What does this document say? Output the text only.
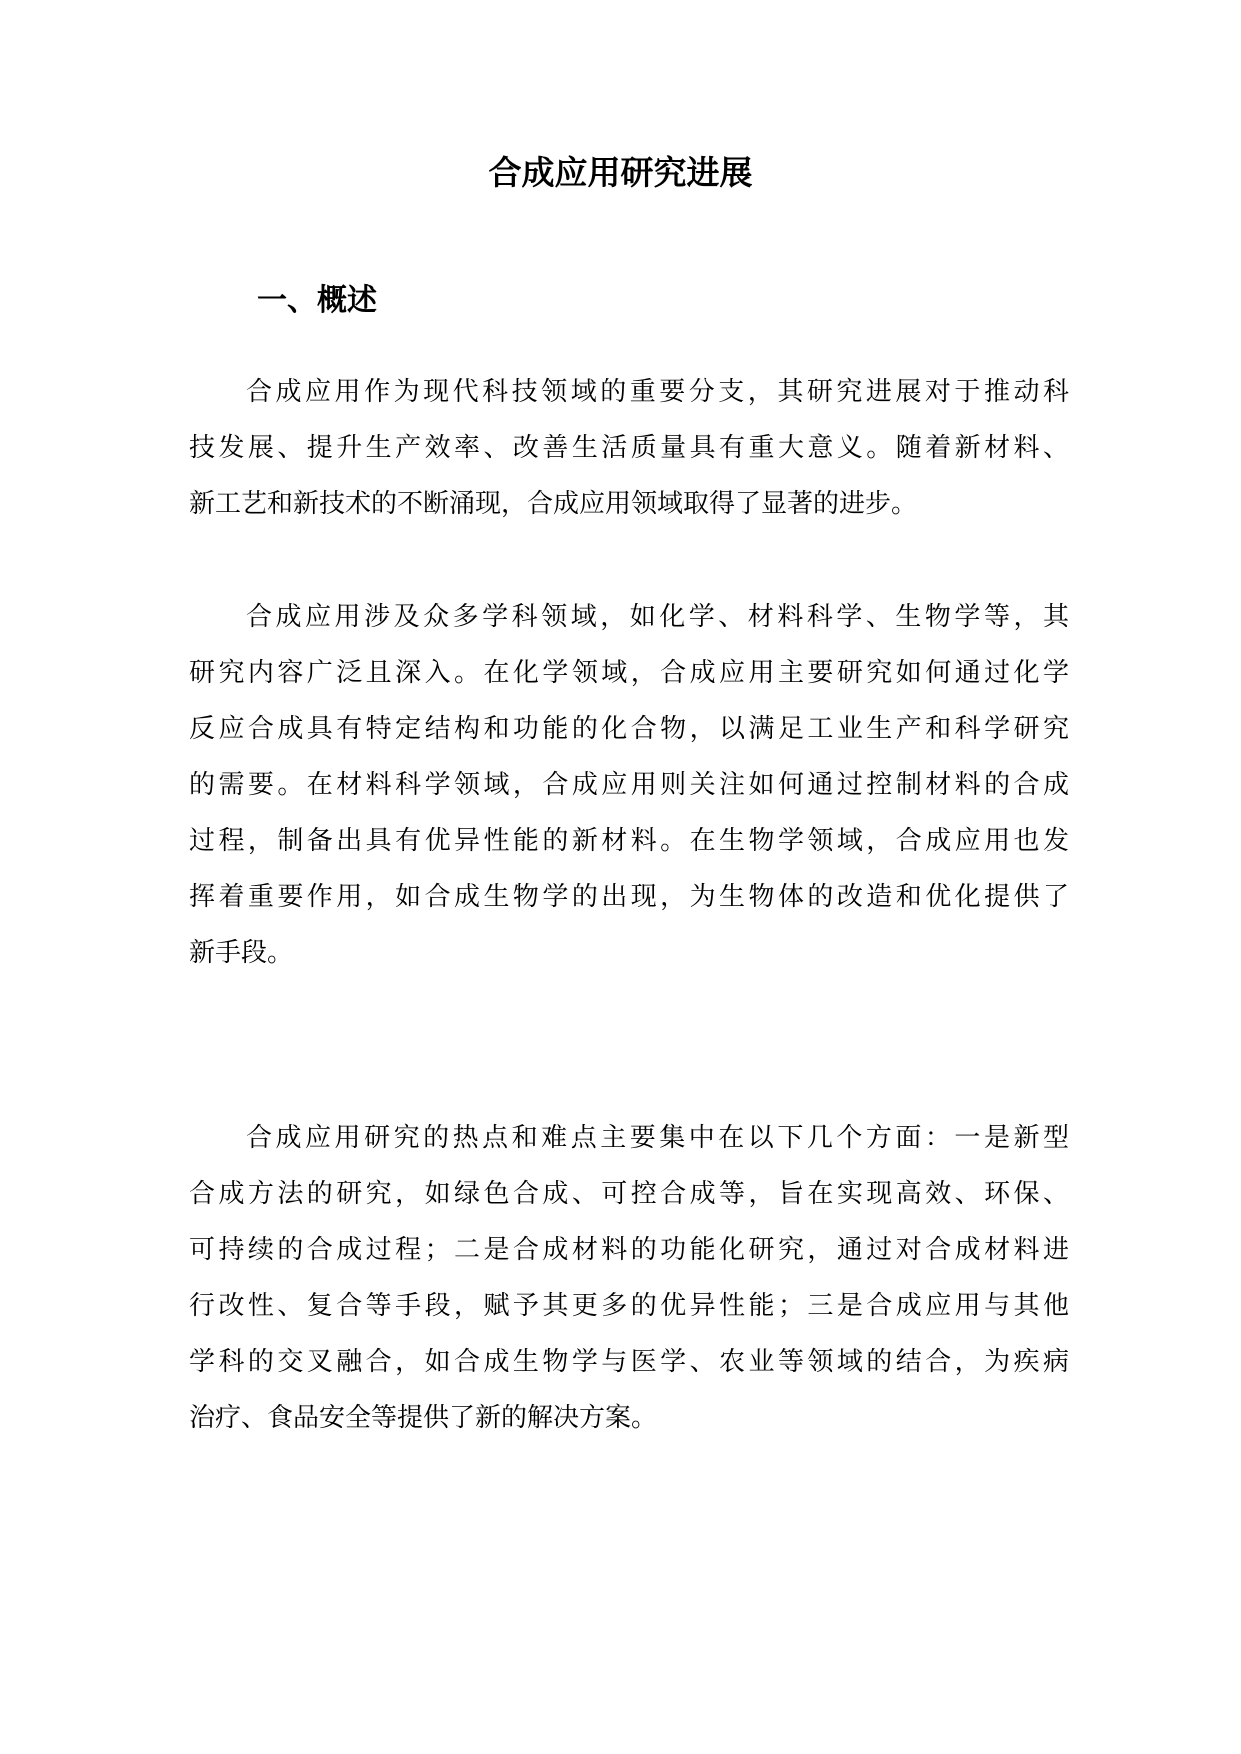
合成应用研究进展
一、概述

合成应用作为现代科技领域的重要分支，其研究进展对于推动科
技发展、提升生产效率、改善生活质量具有重大意义。随着新材料、
新工艺和新技术的不断涌现，合成应用领域取得了显著的进步。

合成应用涉及众多学科领域，如化学、材料科学、生物学等，其
研究内容广泛且深入。在化学领域，合成应用主要研究如何通过化学
反应合成具有特定结构和功能的化合物，以满足工业生产和科学研究
的需要。在材料科学领域，合成应用则关注如何通过控制材料的合成
过程，制备出具有优异性能的新材料。在生物学领域，合成应用也发
挥着重要作用，如合成生物学的出现，为生物体的改造和优化提供了
新手段。

合成应用研究的热点和难点主要集中在以下几个方面：一是新型
合成方法的研究，如绿色合成、可控合成等，旨在实现高效、环保、
可持续的合成过程；二是合成材料的功能化研究，通过对合成材料进
行改性、复合等手段，赋予其更多的优异性能；三是合成应用与其他
学科的交叉融合，如合成生物学与医学、农业等领域的结合，为疾病
治疗、食品安全等提供了新的解决方案。
